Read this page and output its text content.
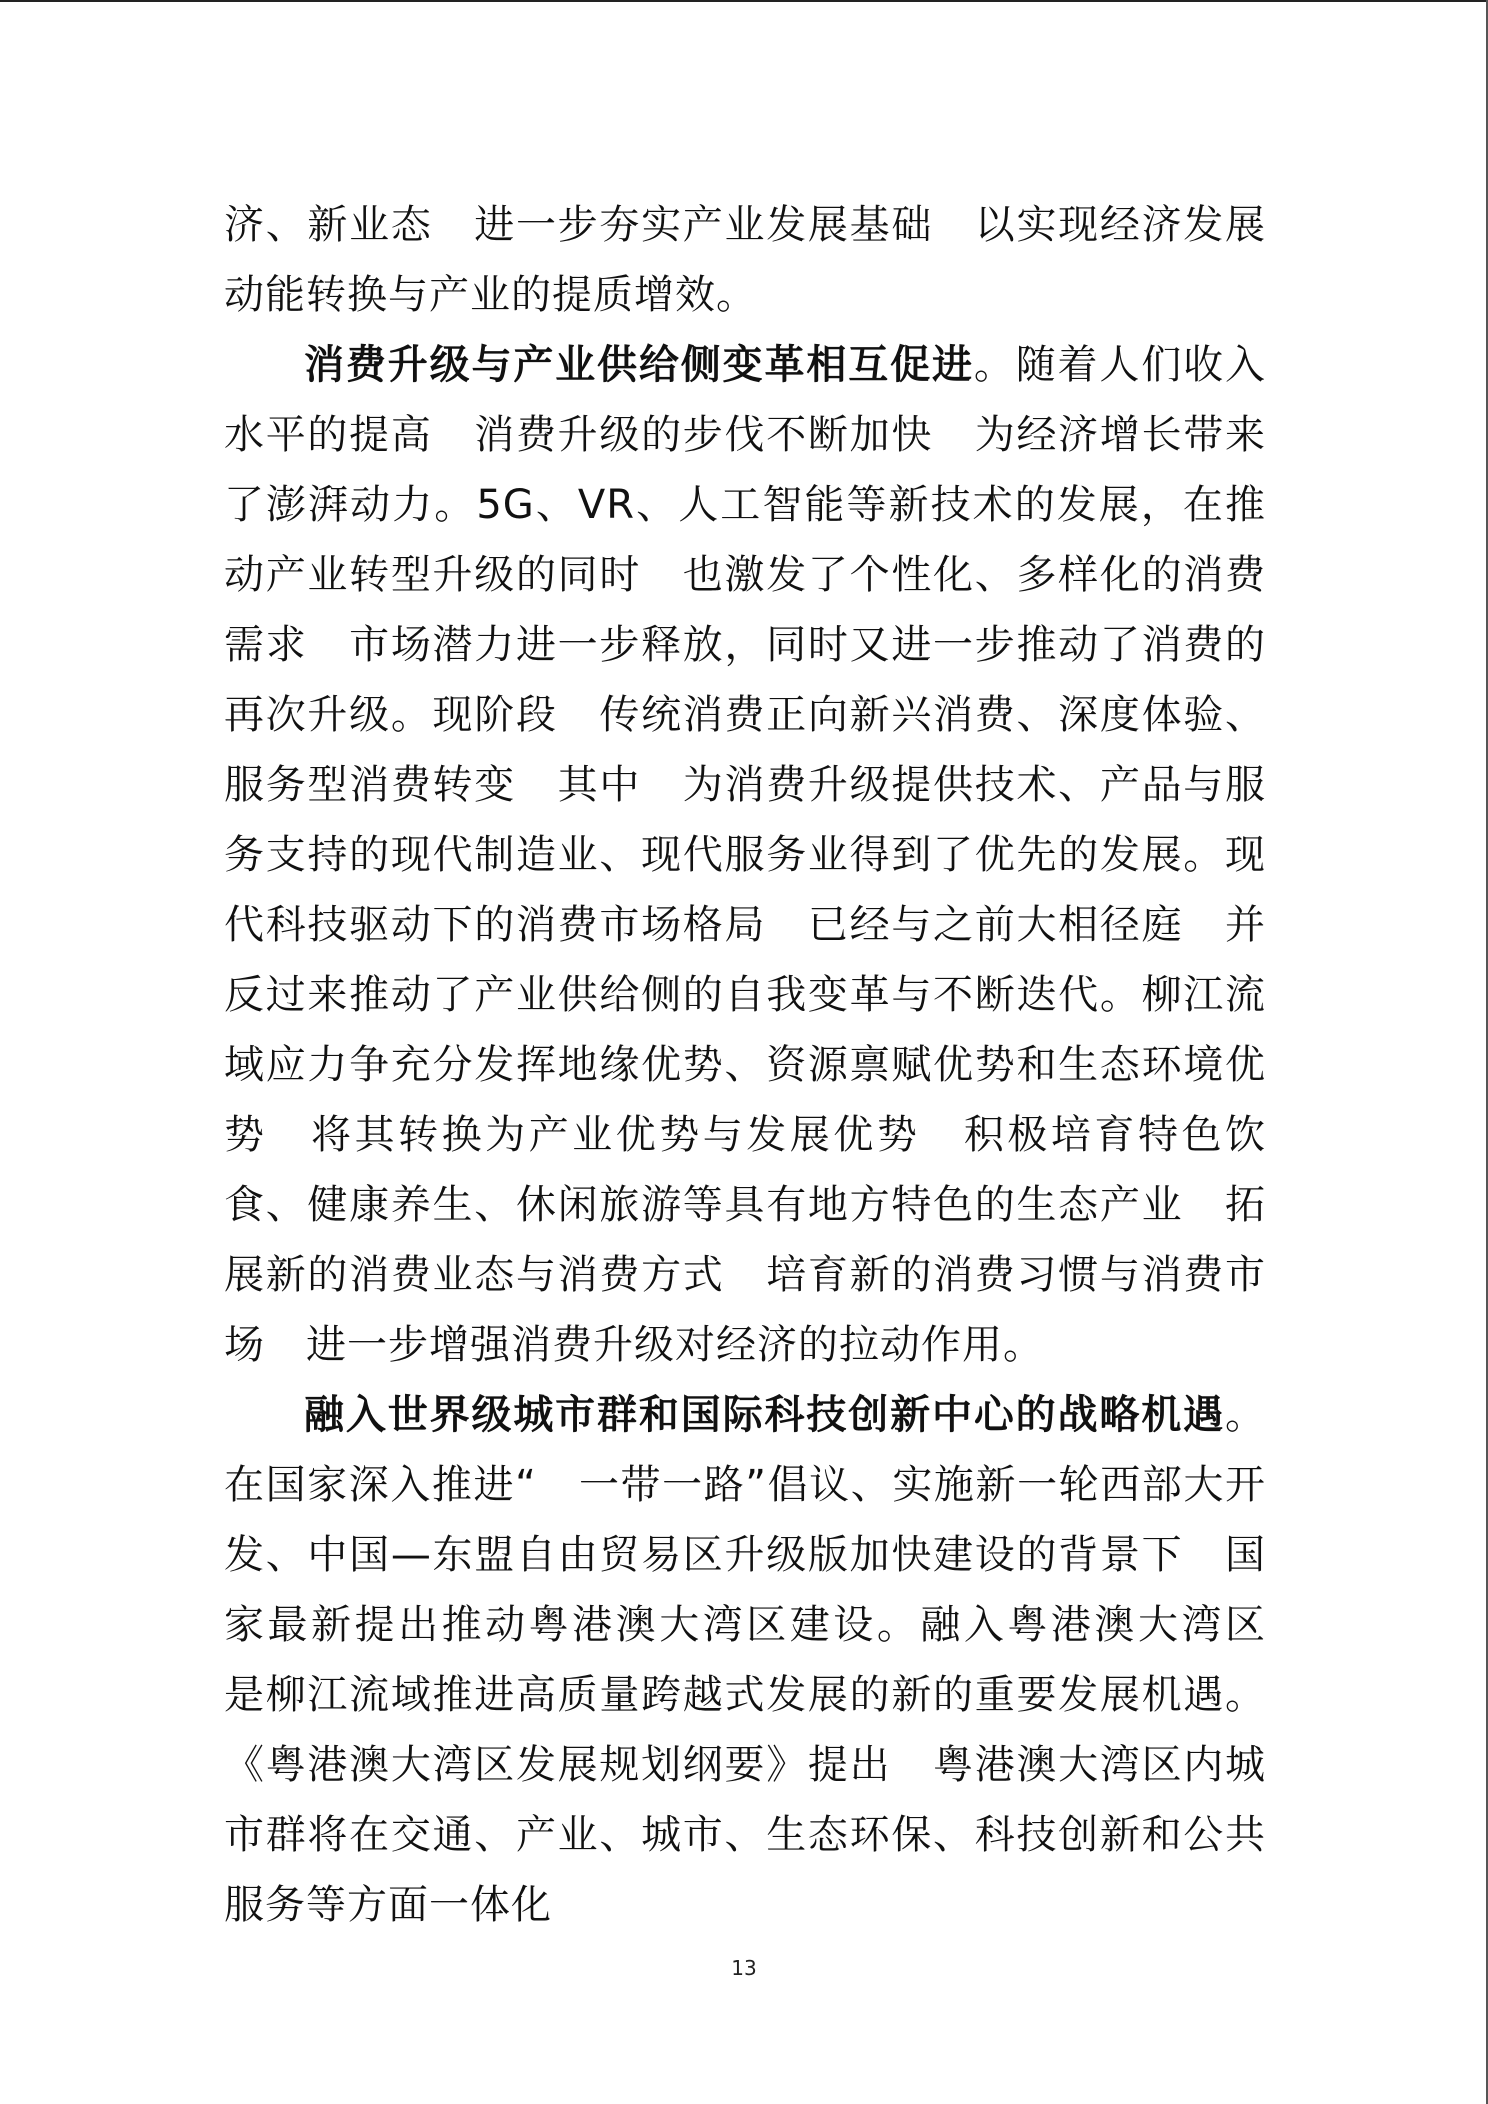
济、新业态　进一步夯实产业发展基础　以实现经济发展动能转换与产业的提质增效。

消费升级与产业供给侧变革相互促进。随着人们收入水平的提高　消费升级的步伐不断加快　为经济增长带来了澎湃动力。5G、VR、人工智能等新技术的发展，在推动产业转型升级的同时　也激发了个性化、多样化的消费需求　市场潜力进一步释放，同时又进一步推动了消费的再次升级。现阶段　传统消费正向新兴消费、深度体验、服务型消费转变　其中　为消费升级提供技术、产品与服务支持的现代制造业、现代服务业得到了优先的发展。现代科技驱动下的消费市场格局　已经与之前大相径庭　并反过来推动了产业供给侧的自我变革与不断迭代。柳江流域应力争充分发挥地缘优势、资源禀赋优势和生态环境优势　将其转换为产业优势与发展优势　积极培育特色饮食、健康养生、休闲旅游等具有地方特色的生态产业　拓展新的消费业态与消费方式　培育新的消费习惯与消费市场　进一步增强消费升级对经济的拉动作用。

融入世界级城市群和国际科技创新中心的战略机遇。在国家深入推进“　一带一路”倡议、实施新一轮西部大开发、中国—东盟自由贸易区升级版加快建设的背景下　国家最新提出推动粤港澳大湾区建设。融入粤港澳大湾区　是柳江流域推进高质量跨越式发展的新的重要发展机遇。《粤港澳大湾区发展规划纲要》提出　粤港澳大湾区内城市群将在交通、产业、城市、生态环保、科技创新和公共服务等方面一体化

13
